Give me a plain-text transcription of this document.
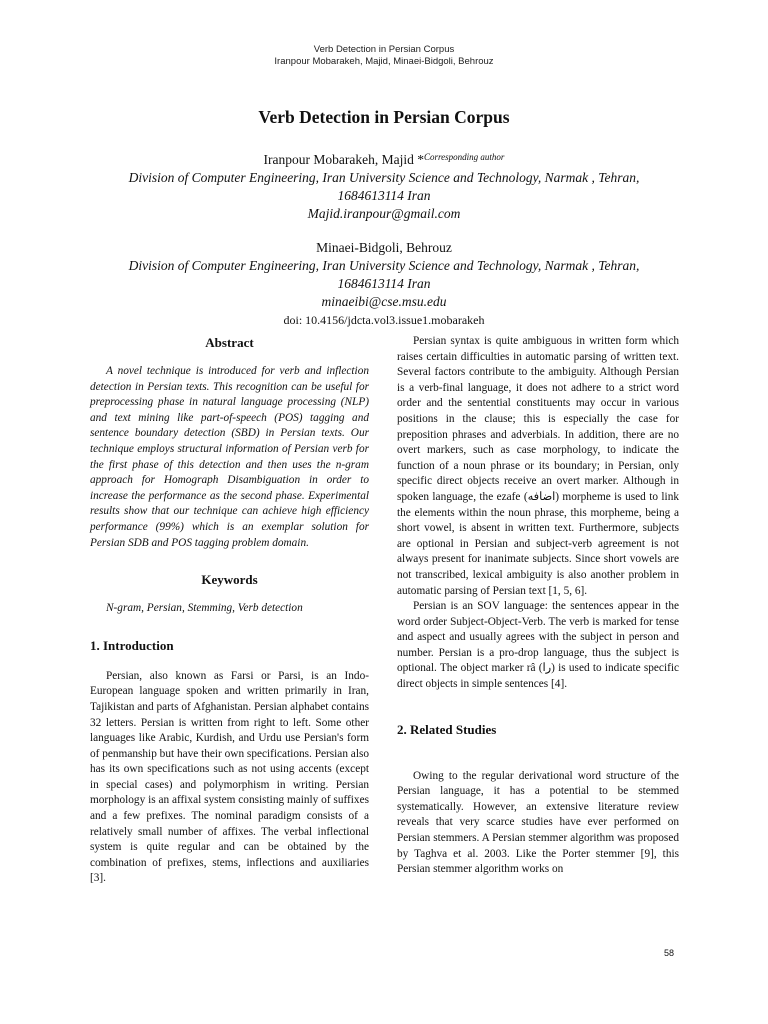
Verb Detection in Persian Corpus
Iranpour Mobarakeh, Majid, Minaei-Bidgoli, Behrouz
Verb Detection in Persian Corpus
Iranpour Mobarakeh, Majid *$^{Corresponding author}$
Division of Computer Engineering, Iran University Science and Technology, Narmak , Tehran,
1684613114 Iran
Majid.iranpour@gmail.com
Minaei-Bidgoli, Behrouz
Division of Computer Engineering, Iran University Science and Technology, Narmak , Tehran,
1684613114 Iran
minaeibi@cse.msu.edu
doi: 10.4156/jdcta.vol3.issue1.mobarakeh
Abstract

A novel technique is introduced for verb and inflection detection in Persian texts. This recognition can be useful for preprocessing phase in natural language processing (NLP) and text mining like part-of-speech (POS) tagging and sentence boundary detection (SBD) in Persian texts. Our technique employs structural information of Persian verb for the first phase of this detection and then uses the n-gram approach for Homograph Disambiguation in order to increase the performance as the second phase. Experimental results show that our technique can achieve high efficiency performance (99%) which is an exemplar solution for Persian SDB and POS tagging problem domain.

Keywords

N-gram, Persian, Stemming, Verb detection

1. Introduction

Persian, also known as Farsi or Parsi, is an Indo-European language spoken and written primarily in Iran, Tajikistan and parts of Afghanistan. Persian alphabet contains 32 letters. Persian is written from right to left. Some other languages like Arabic, Kurdish, and Urdu use Persian's form of penmanship but have their own specifications. Persian also has its own specifications such as not using accents (except in special cases) and polymorphism in writing. Persian morphology is an affixal system consisting mainly of suffixes and a few prefixes. The nominal paradigm consists of a relatively small number of affixes. The verbal inflectional system is quite regular and can be obtained by the combination of prefixes, stems, inflections and auxiliaries [3].

Persian syntax is quite ambiguous in written form which raises certain difficulties in automatic parsing of written text. Several factors contribute to the ambiguity. Although Persian is a verb-final language, it does not adhere to a strict word order and the sentential constituents may occur in various positions in the clause; this is especially the case for preposition phrases and adverbials. In addition, there are no overt markers, such as case morphology, to indicate the function of a noun phrase or its boundary; in Persian, only specific direct objects receive an overt marker. Although in spoken language, the ezafe (اضافه) morpheme is used to link the elements within the noun phrase, this morpheme, being a short vowel, is absent in written text. Furthermore, subjects are optional in Persian and subject-verb agreement is not always present for inanimate subjects. Since short vowels are not transcribed, lexical ambiguity is also another problem in automatic parsing of Persian text [1, 5, 6].

Persian is an SOV language: the sentences appear in the word order Subject-Object-Verb. The verb is marked for tense and aspect and usually agrees with the subject in person and number. Persian is a pro-drop language, thus the subject is optional. The object marker râ (را) is used to indicate specific direct objects in simple sentences [4].

2. Related Studies

Owing to the regular derivational word structure of the Persian language, it has a potential to be stemmed systematically. However, an extensive literature review reveals that very scarce studies have ever performed on Persian stemmers. A Persian stemmer algorithm was proposed by Taghva et al. 2003. Like the Porter stemmer [9], this Persian stemmer algorithm works on

58
